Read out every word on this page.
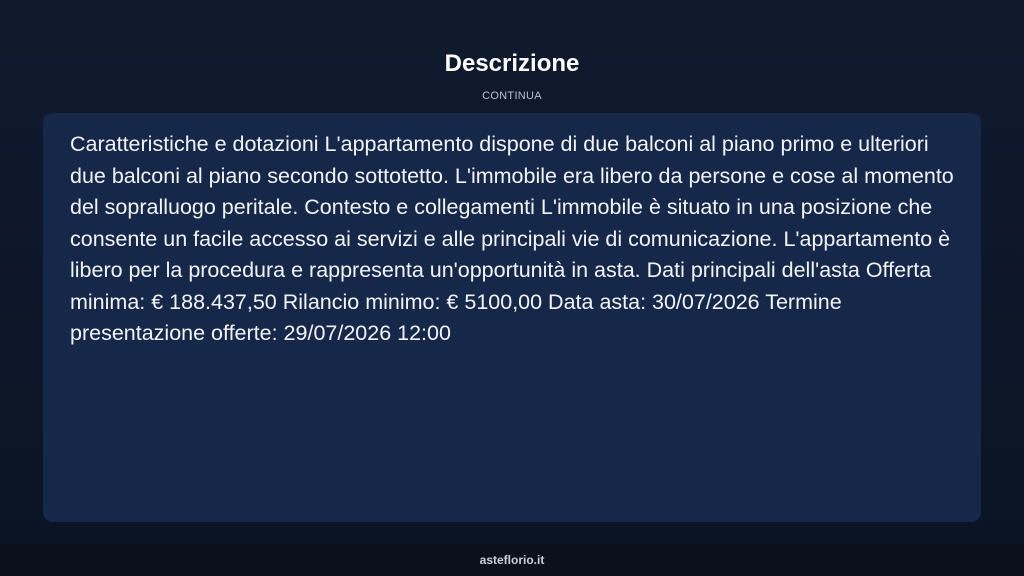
Descrizione
CONTINUA

Caratteristiche e dotazioni L'appartamento dispone di due balconi al piano primo e ulteriori due balconi al piano secondo sottotetto. L'immobile era libero da persone e cose al momento del sopralluogo peritale. Contesto e collegamenti L'immobile è situato in una posizione che consente un facile accesso ai servizi e alle principali vie di comunicazione. L'appartamento è libero per la procedura e rappresenta un'opportunità in asta. Dati principali dell'asta Offerta minima: € 188.437,50 Rilancio minimo: € 5100,00 Data asta: 30/07/2026 Termine presentazione offerte: 29/07/2026 12:00

asteflorio.it
